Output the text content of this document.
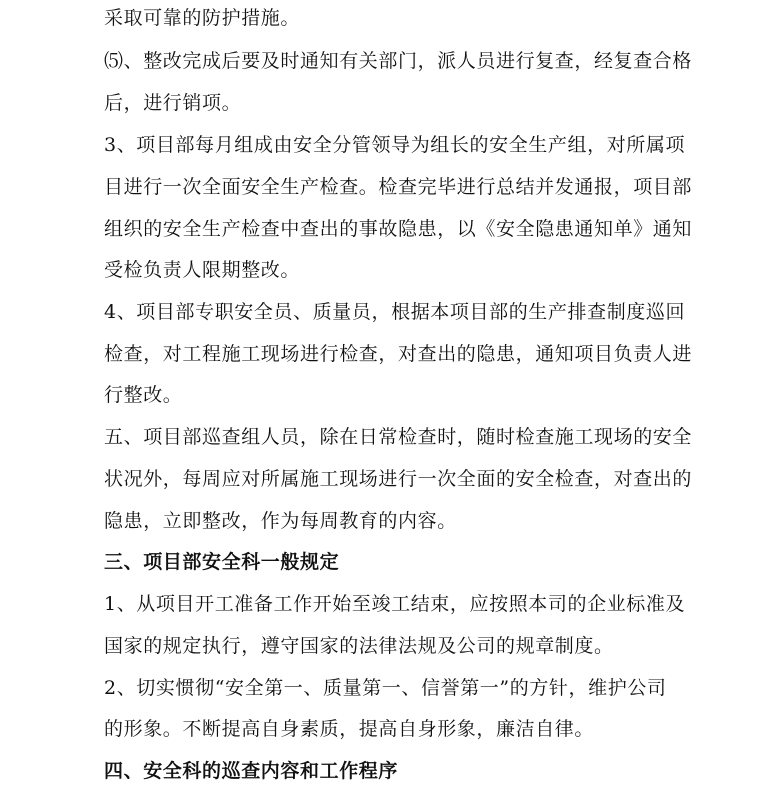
采取可靠的防护措施。
⑸、整改完成后要及时通知有关部门，派人员进行复查，经复查合格
后，进行销项。
3、项目部每月组成由安全分管领导为组长的安全生产组，对所属项
目进行一次全面安全生产检查。检查完毕进行总结并发通报，项目部
组织的安全生产检查中查出的事故隐患，以《安全隐患通知单》通知
受检负责人限期整改。
4、项目部专职安全员、质量员，根据本项目部的生产排查制度巡回
检查，对工程施工现场进行检查，对查出的隐患，通知项目负责人进
行整改。
五、项目部巡查组人员，除在日常检查时，随时检查施工现场的安全
状况外，每周应对所属施工现场进行一次全面的安全检查，对查出的
隐患，立即整改，作为每周教育的内容。
三、项目部安全科一般规定
1、从项目开工准备工作开始至竣工结束，应按照本司的企业标准及
国家的规定执行，遵守国家的法律法规及公司的规章制度。
2、切实惯彻“安全第一、质量第一、信誉第一”的方针，维护公司
的形象。不断提高自身素质，提高自身形象，廉洁自律。
四、安全科的巡查内容和工作程序
